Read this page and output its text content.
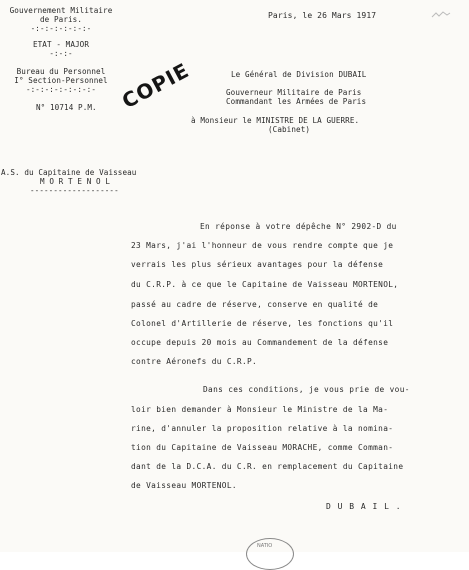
Gouvernement Militaire
de Paris.
-:-:-:-:-:-:-
ETAT - MAJOR
-:-:-
Bureau du Personnel
I° Section-Personnel
-:-:-:-:-:-:-:-
N° 10714 P.M. COPIE
Paris, le 26 Mars 1917
Le Général de Division DUBAIL
Gouverneur Militaire de Paris
Commandant les Armées de Paris
à Monsieur le MINISTRE DE LA GUERRE.
(Cabinet)
A.S. du Capitaine de Vaisseau
M O R T E N O L
-------------------
En réponse à votre dépêche N° 2902-D du
23 Mars, j'ai l'honneur de vous rendre compte que je
verrais les plus sérieux avantages pour la défense
du C.R.P. à ce que le Capitaine de Vaisseau MORTENOL,
passé au cadre de réserve, conserve en qualité de
Colonel d'Artillerie de réserve, les fonctions qu'il
occupe depuis 20 mois au Commandement de la défense
contre Aéronefs du C.R.P.
Dans ces conditions, je vous prie de vou-
loir bien demander à Monsieur le Ministre de la Ma-
rine, d'annuler la proposition relative à la nomina-
tion du Capitaine de Vaisseau MORACHE, comme Comman-
dant de la D.C.A. du C.R. en remplacement du Capitaine
de Vaisseau MORTENOL.
D U B A I L .
NATIO
